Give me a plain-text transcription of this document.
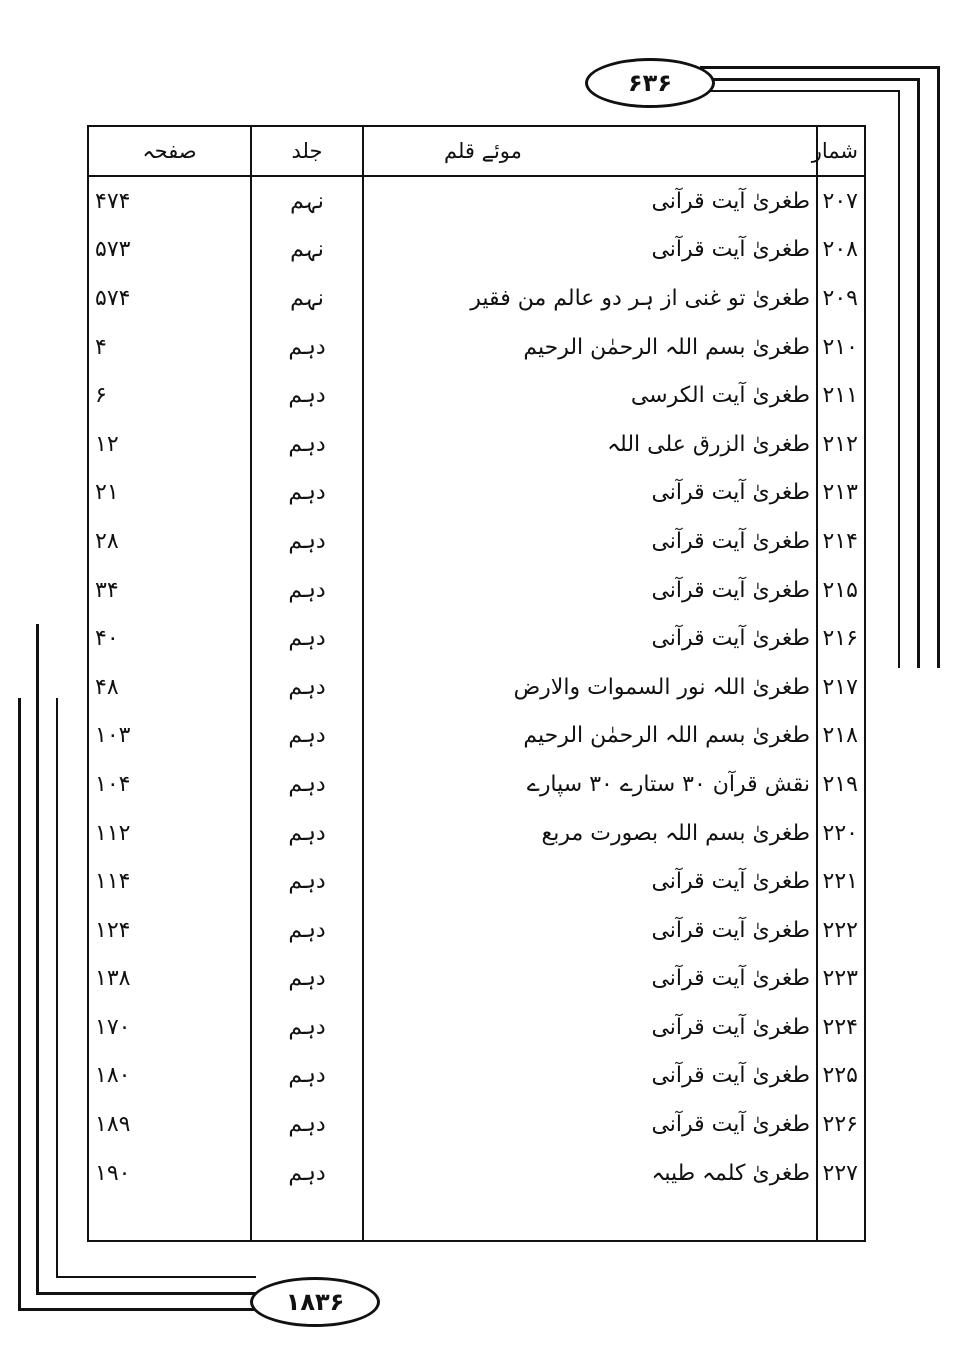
۶۳۶
۱۸۳۶
شمار	موئے قلم	جلد	صفحہ
۲۰۷	طغریٰ آیت قرآنی	نہم	۴۷۴
۲۰۸	طغریٰ آیت قرآنی	نہم	۵۷۳
۲۰۹	طغریٰ تو غنی از ہر دو عالم من فقیر	نہم	۵۷۴
۲۱۰	طغریٰ بسم اللہ الرحمٰن الرحیم	دہم	۴
۲۱۱	طغریٰ آیت الکرسی	دہم	۶
۲۱۲	طغریٰ الزرق علی اللہ	دہم	۱۲
۲۱۳	طغریٰ آیت قرآنی	دہم	۲۱
۲۱۴	طغریٰ آیت قرآنی	دہم	۲۸
۲۱۵	طغریٰ آیت قرآنی	دہم	۳۴
۲۱۶	طغریٰ آیت قرآنی	دہم	۴۰
۲۱۷	طغریٰ اللہ نور السموات والارض	دہم	۴۸
۲۱۸	طغریٰ بسم اللہ الرحمٰن الرحیم	دہم	۱۰۳
۲۱۹	نقش قرآن ۳۰ ستارے ۳۰ سپارے	دہم	۱۰۴
۲۲۰	طغریٰ بسم اللہ بصورت مربع	دہم	۱۱۲
۲۲۱	طغریٰ آیت قرآنی	دہم	۱۱۴
۲۲۲	طغریٰ آیت قرآنی	دہم	۱۲۴
۲۲۳	طغریٰ آیت قرآنی	دہم	۱۳۸
۲۲۴	طغریٰ آیت قرآنی	دہم	۱۷۰
۲۲۵	طغریٰ آیت قرآنی	دہم	۱۸۰
۲۲۶	طغریٰ آیت قرآنی	دہم	۱۸۹
۲۲۷	طغریٰ کلمہ طیبہ	دہم	۱۹۰
